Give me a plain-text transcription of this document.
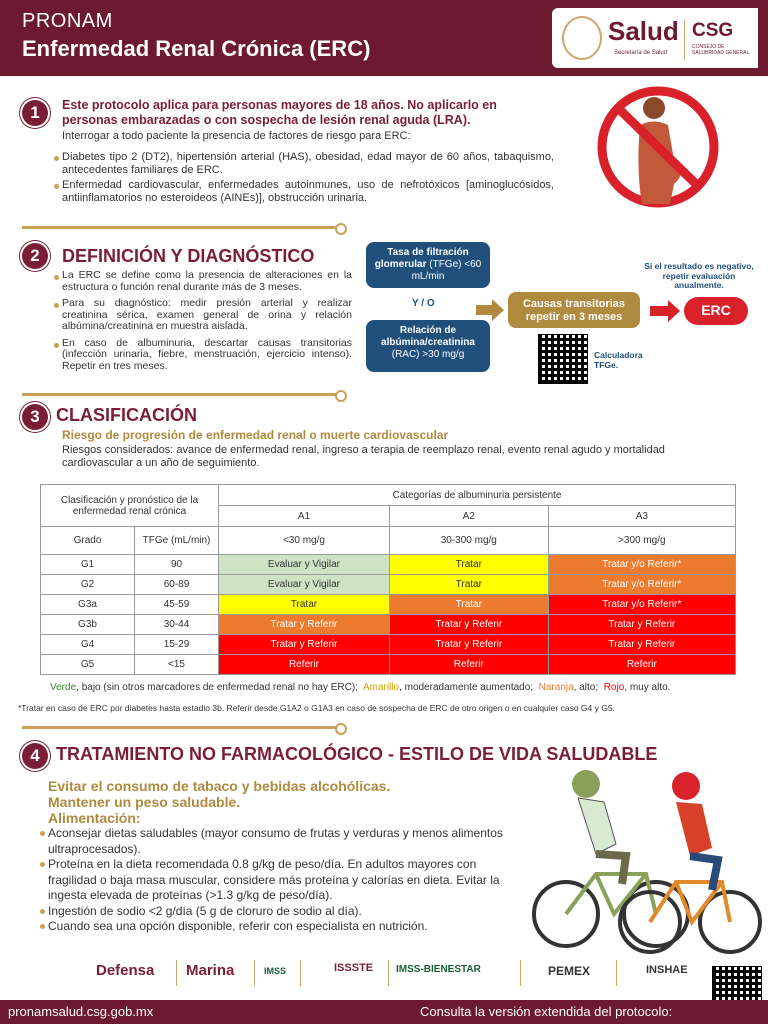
PRONAM
Enfermedad Renal Crónica (ERC)
Salud
Secretaría de Salud
CSG
CONSEJO DE SALUBRIDAD GENERAL
1	Este protocolo aplica para personas mayores de 18 años. No aplicarlo en personas embarazadas o con sospecha de lesión renal aguda (LRA).
Interrogar a todo paciente la presencia de factores de riesgo para ERC:
Diabetes tipo 2 (DT2), hipertensión arterial (HAS), obesidad, edad mayor de 60 años, tabaquismo, antecedentes familiares de ERC.
Enfermedad cardiovascular, enfermedades autoinmunes, uso de nefrotóxicos [aminoglucósidos, antiinflamatorios no esteroideos (AINEs)], obstrucción urinaria.
2	DEFINICIÓN Y DIAGNÓSTICO
La ERC se define como la presencia de alteraciones en la estructura o función renal durante más de 3 meses.
Para su diagnóstico: medir presión arterial y realizar creatinina sérica, examen general de orina y relación albúmina/creatinina en muestra aislada.
En caso de albuminuria, descartar causas transitorias (infección urinaria, fiebre, menstruación, ejercicio intenso). Repetir en tres meses.
Tasa de filtración glomerular (TFGe) <60 mL/min
Y / O
Relación de albúmina/creatinina (RAC) >30 mg/g
Causas transitorias repetir en 3 meses	ERC
Si el resultado es negativo, repetir evaluación anualmente.
Calculadora TFGe.
3 CLASIFICACIÓN
Riesgo de progresión de enfermedad renal o muerte cardiovascular
Riesgos considerados: avance de enfermedad renal, ingreso a terapia de reemplazo renal, evento renal agudo y mortalidad cardiovascular a un año de seguimiento.
Clasificación y pronóstico de la enfermedad renal crónica		Categorías de albuminuria persistente		
		A1	A2	A3
Grado	TFGe (mL/min)	<30 mg/g	30-300 mg/g	>300 mg/g
G1	90	Evaluar y Vigilar	Tratar	Tratar y/o Referir*
G2	60-89	Evaluar y Vigilar	Tratar	Tratar y/o Referir*
G3a	45-59	Tratar	Tratar	Tratar y/o Referir*
G3b	30-44	Tratar y Referir	Tratar y Referir	Tratar y Referir
G4	15-29	Tratar y Referir	Tratar y Referir	Tratar y Referir
G5	<15	Referir	Referir	Referir
Verde, bajo (sin otros marcadores de enfermedad renal no hay ERC); Amarillo, moderadamente aumentado; Naranja, alto; Rojo, muy alto.
*Tratar en caso de ERC por diabetes hasta estadio 3b. Referir desde G1A2 o G1A3 en caso de sospecha de ERC de otro origen o en cualquier caso G4 y G5.
4 TRATAMIENTO NO FARMACOLÓGICO - ESTILO DE VIDA SALUDABLE
Evitar el consumo de tabaco y bebidas alcohólicas.
Mantener un peso saludable.
Alimentación:
Aconsejar dietas saludables (mayor consumo de frutas y verduras y menos alimentos ultraprocesados).
Proteína en la dieta recomendada 0.8 g/kg de peso/día. En adultos mayores con fragilidad o baja masa muscular, considere más proteína y calorías en dieta. Evitar la ingesta elevada de proteínas (>1.3 g/kg de peso/día).
Ingestión de sodio <2 g/día (5 g de cloruro de sodio al día).
Cuando sea una opción disponible, referir con especialista en nutrición.
Defensa Marina	IMSS	ISSSTE IMSS-BIENESTAR	PEMEX	INSHAE
pronamsalud.csg.gob.mx	Consulta la versión extendida del protocolo:
